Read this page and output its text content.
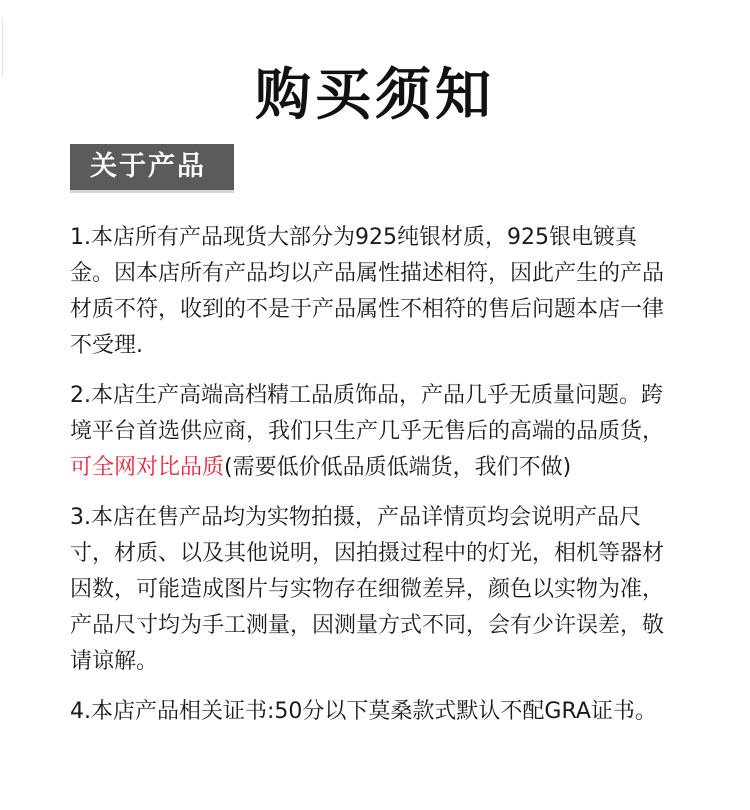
购买须知
关于产品

1.本店所有产品现货大部分为925纯银材质，925银电镀真金。因本店所有产品均以产品属性描述相符，因此产生的产品材质不符，收到的不是于产品属性不相符的售后问题本店一律不受理.

2.本店生产高端高档精工品质饰品，产品几乎无质量问题。跨境平台首选供应商，我们只生产几乎无售后的高端的品质货，可全网对比品质(需要低价低品质低端货，我们不做)

3.本店在售产品均为实物拍摄，产品详情页均会说明产品尺寸，材质、以及其他说明，因拍摄过程中的灯光，相机等器材因数，可能造成图片与实物存在细微差异，颜色以实物为准，产品尺寸均为手工测量，因测量方式不同，会有少许误差，敬请谅解。

4.本店产品相关证书:50分以下莫桑款式默认不配GRA证书。
